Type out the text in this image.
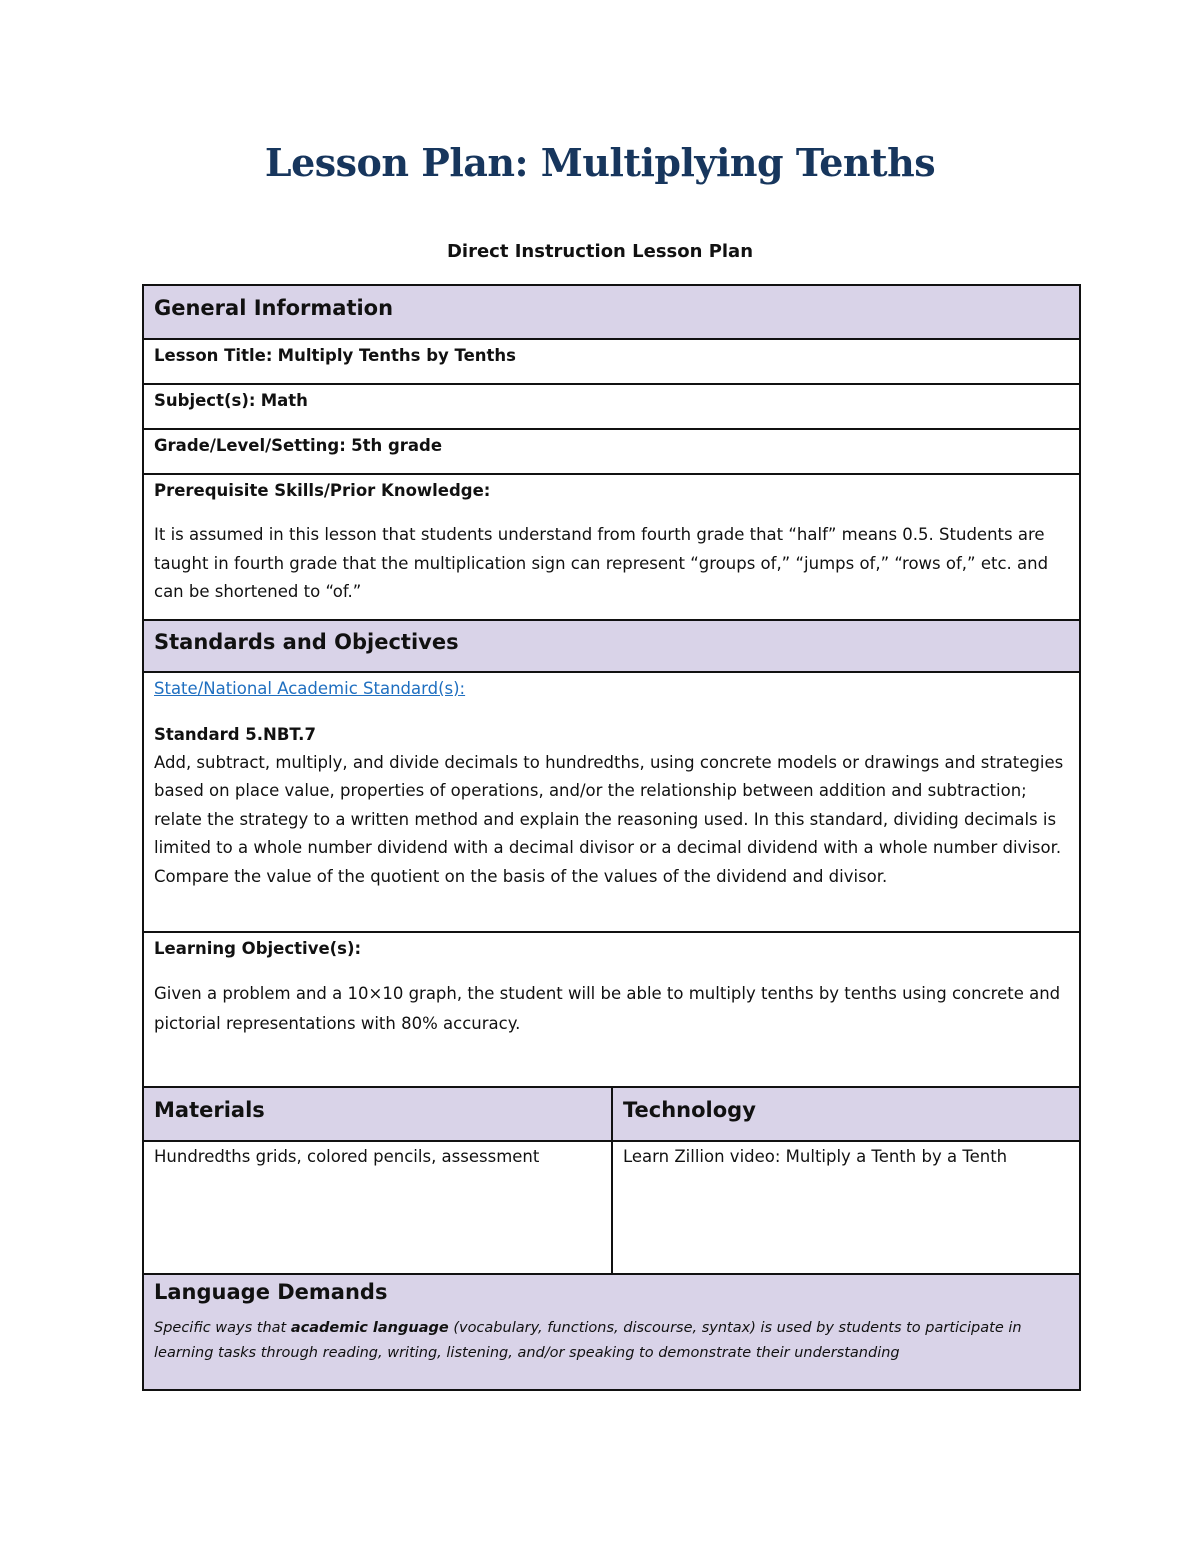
Lesson Plan: Multiplying Tenths
Direct Instruction Lesson Plan
General Information
Lesson Title: Multiply Tenths by Tenths
Subject(s): Math
Grade/Level/Setting: 5th grade
Prerequisite Skills/Prior Knowledge:
It is assumed in this lesson that students understand from fourth grade that “half” means 0.5. Students are taught in fourth grade that the multiplication sign can represent “groups of,” “jumps of,” “rows of,” etc. and can be shortened to “of.”
Standards and Objectives
State/National Academic Standard(s):
Standard 5.NBT.7
Add, subtract, multiply, and divide decimals to hundredths, using concrete models or drawings and strategies based on place value, properties of operations, and/or the relationship between addition and subtraction; relate the strategy to a written method and explain the reasoning used. In this standard, dividing decimals is limited to a whole number dividend with a decimal divisor or a decimal dividend with a whole number divisor. Compare the value of the quotient on the basis of the values of the dividend and divisor.
Learning Objective(s):
Given a problem and a 10×10 graph, the student will be able to multiply tenths by tenths using concrete and pictorial representations with 80% accuracy.
Materials	Technology
Hundredths grids, colored pencils, assessment	Learn Zillion video: Multiply a Tenth by a Tenth
Language Demands
Specific ways that academic language (vocabulary, functions, discourse, syntax) is used by students to participate in learning tasks through reading, writing, listening, and/or speaking to demonstrate their understanding
